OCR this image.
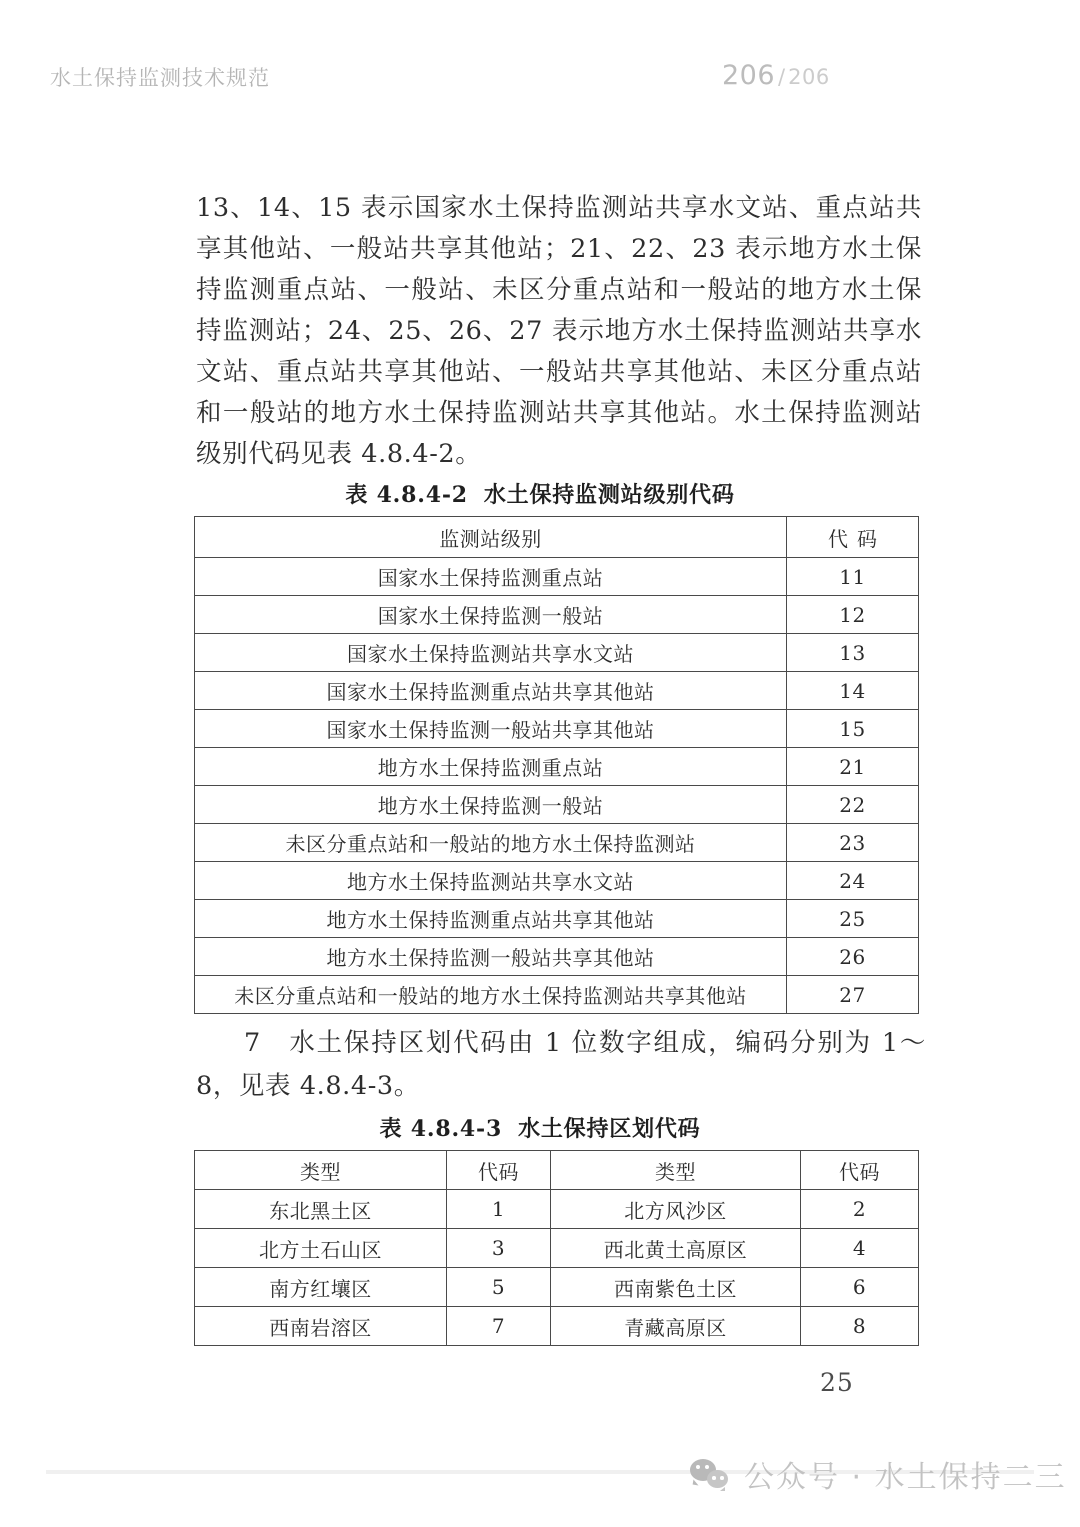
水土保持监测技术规范	206 / 206

13、14、15 表示国家水土保持监测站共享水文站、重点站共享其他站、一般站共享其他站；21、22、23 表示地方水土保持监测重点站、一般站、未区分重点站和一般站的地方水土保持监测站；24、25、26、27 表示地方水土保持监测站共享水文站、重点站共享其他站、一般站共享其他站、未区分重点站和一般站的地方水土保持监测站共享其他站。水土保持监测站级别代码见表 4.8.4-2。

表 4.8.4-2 水土保持监测站级别代码
监测站级别	代码
国家水土保持监测重点站	11
国家水土保持监测一般站	12
国家水土保持监测站共享水文站	13
国家水土保持监测重点站共享其他站	14
国家水土保持监测一般站共享其他站	15
地方水土保持监测重点站	21
地方水土保持监测一般站	22
未区分重点站和一般站的地方水土保持监测站	23
地方水土保持监测站共享水文站	24
地方水土保持监测重点站共享其他站	25
地方水土保持监测一般站共享其他站	26
未区分重点站和一般站的地方水土保持监测站共享其他站	27

7　水土保持区划代码由 1 位数字组成，编码分别为 1～8，见表 4.8.4-3。

表 4.8.4-3 水土保持区划代码
类型	代码	类型	代码
东北黑土区	1	北方风沙区	2
北方土石山区	3	西北黄土高原区	4
南方红壤区	5	西南紫色土区	6
西南岩溶区	7	青藏高原区	8
25
公众号 · 水土保持二三
